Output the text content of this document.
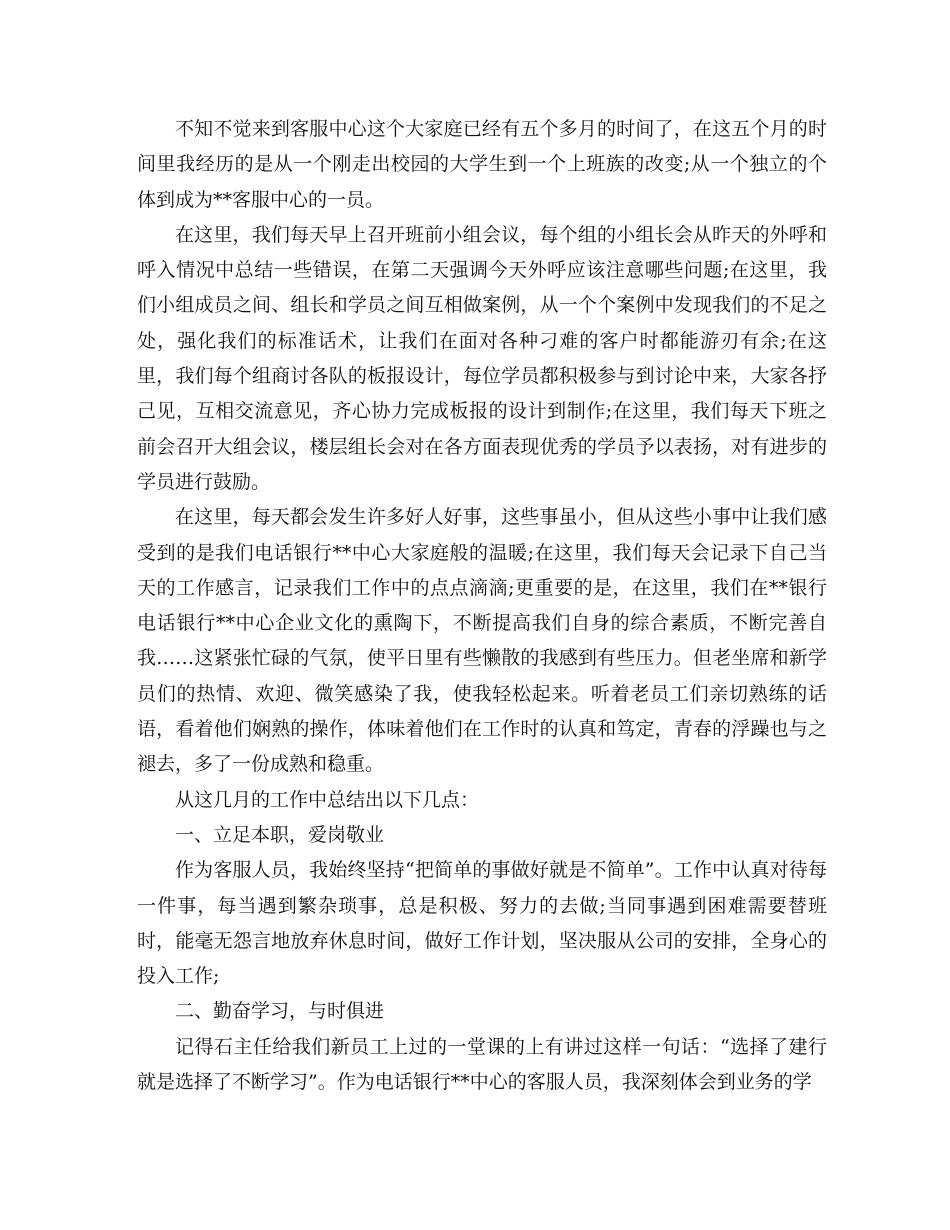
不知不觉来到客服中心这个大家庭已经有五个多月的时间了，在这五个月的时间里我经历的是从一个刚走出校园的大学生到一个上班族的改变;从一个独立的个体到成为**客服中心的一员。

在这里，我们每天早上召开班前小组会议，每个组的小组长会从昨天的外呼和呼入情况中总结一些错误，在第二天强调今天外呼应该注意哪些问题;在这里，我们小组成员之间、组长和学员之间互相做案例，从一个个案例中发现我们的不足之处，强化我们的标准话术，让我们在面对各种刁难的客户时都能游刃有余;在这里，我们每个组商讨各队的板报设计，每位学员都积极参与到讨论中来，大家各抒己见，互相交流意见，齐心协力完成板报的设计到制作;在这里，我们每天下班之前会召开大组会议，楼层组长会对在各方面表现优秀的学员予以表扬，对有进步的学员进行鼓励。

在这里，每天都会发生许多好人好事，这些事虽小，但从这些小事中让我们感受到的是我们电话银行**中心大家庭般的温暖;在这里，我们每天会记录下自己当天的工作感言，记录我们工作中的点点滴滴;更重要的是，在这里，我们在**银行电话银行**中心企业文化的熏陶下，不断提高我们自身的综合素质，不断完善自我……这紧张忙碌的气氛，使平日里有些懒散的我感到有些压力。但老坐席和新学员们的热情、欢迎、微笑感染了我，使我轻松起来。听着老员工们亲切熟练的话语，看着他们娴熟的操作，体味着他们在工作时的认真和笃定，青春的浮躁也与之褪去，多了一份成熟和稳重。

从这几月的工作中总结出以下几点：

一、立足本职，爱岗敬业

作为客服人员，我始终坚持“把简单的事做好就是不简单”。工作中认真对待每一件事，每当遇到繁杂琐事，总是积极、努力的去做;当同事遇到困难需要替班时，能毫无怨言地放弃休息时间，做好工作计划，坚决服从公司的安排，全身心的投入工作;

二、勤奋学习，与时俱进

记得石主任给我们新员工上过的一堂课的上有讲过这样一句话：“选择了建行就是选择了不断学习”。作为电话银行**中心的客服人员，我深刻体会到业务的学
